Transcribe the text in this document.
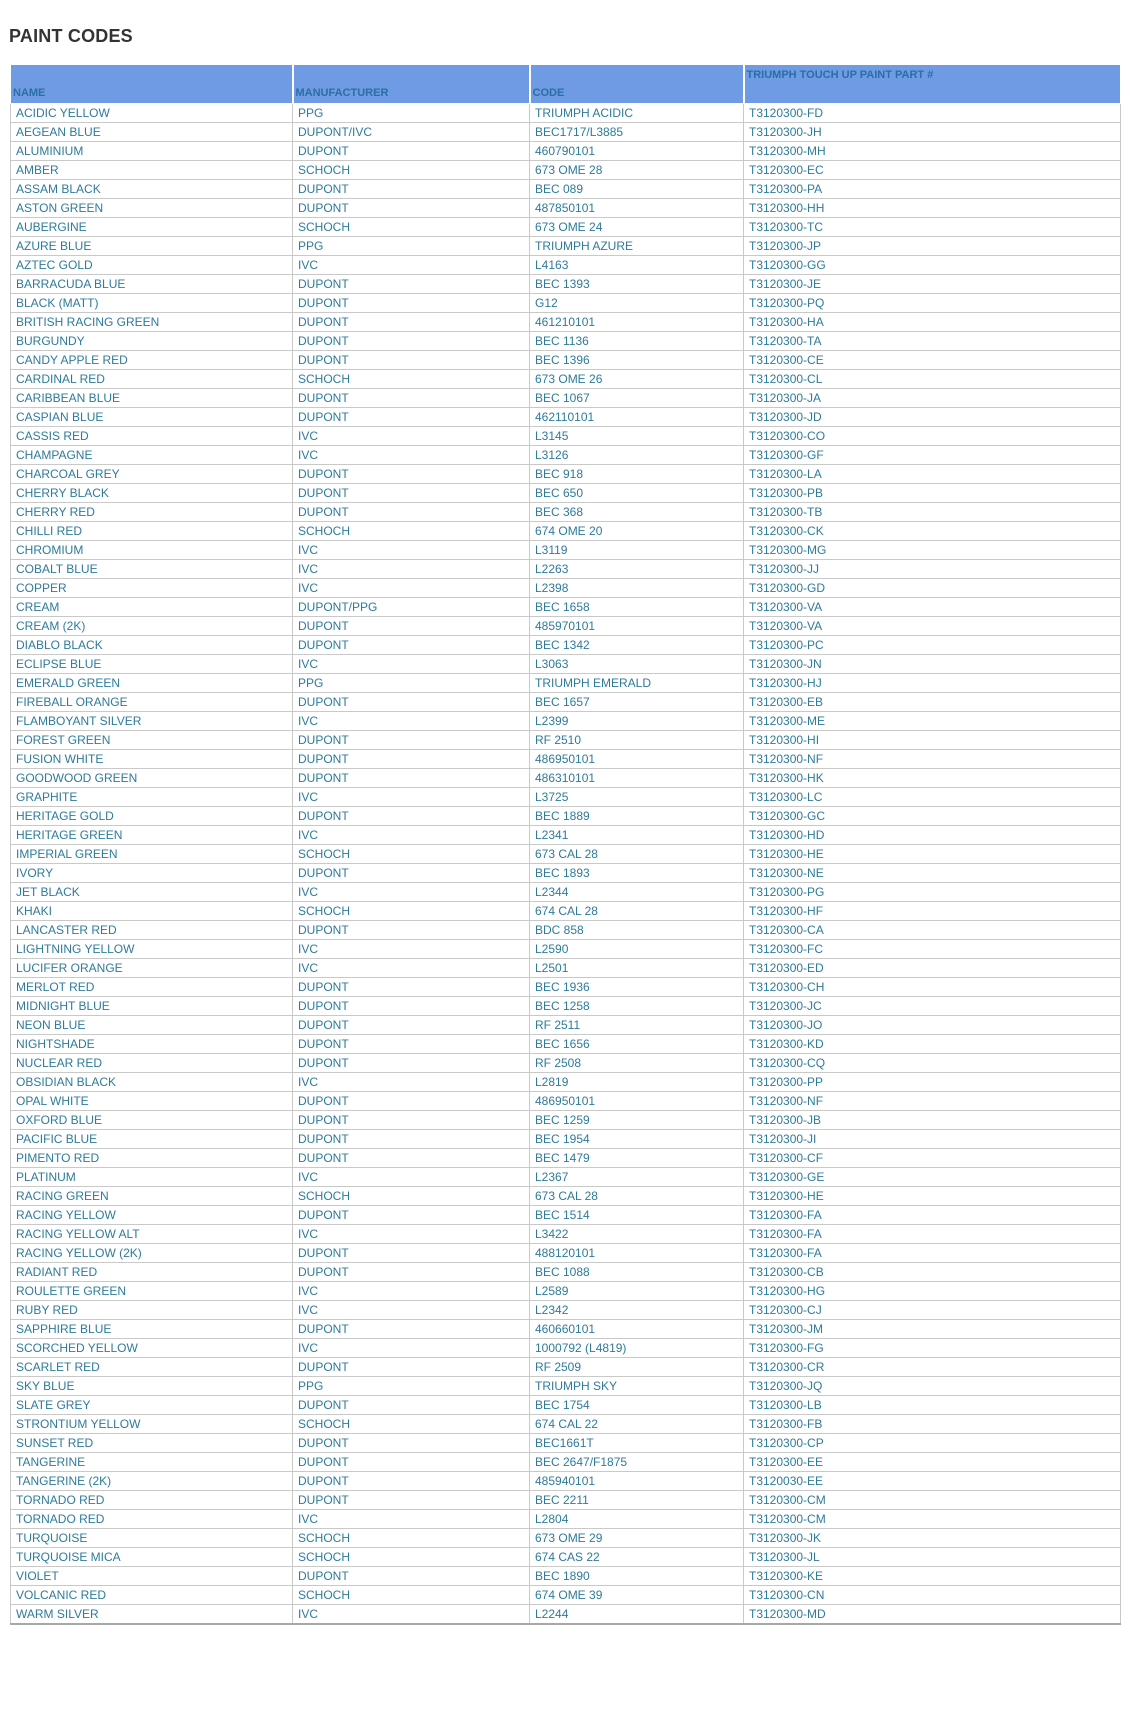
PAINT CODES
NAME	MANUFACTURER	CODE	TRIUMPH TOUCH UP PAINT PART #
ACIDIC YELLOW	PPG	TRIUMPH ACIDIC	T3120300-FD
AEGEAN BLUE	DUPONT/IVC	BEC1717/L3885	T3120300-JH
ALUMINIUM	DUPONT	460790101	T3120300-MH
AMBER	SCHOCH	673 OME 28	T3120300-EC
ASSAM BLACK	DUPONT	BEC 089	T3120300-PA
ASTON GREEN	DUPONT	487850101	T3120300-HH
AUBERGINE	SCHOCH	673 OME 24	T3120300-TC
AZURE BLUE	PPG	TRIUMPH AZURE	T3120300-JP
AZTEC GOLD	IVC	L4163	T3120300-GG
BARRACUDA BLUE	DUPONT	BEC 1393	T3120300-JE
BLACK (MATT)	DUPONT	G12	T3120300-PQ
BRITISH RACING GREEN	DUPONT	461210101	T3120300-HA
BURGUNDY	DUPONT	BEC 1136	T3120300-TA
CANDY APPLE RED	DUPONT	BEC 1396	T3120300-CE
CARDINAL RED	SCHOCH	673 OME 26	T3120300-CL
CARIBBEAN BLUE	DUPONT	BEC 1067	T3120300-JA
CASPIAN BLUE	DUPONT	462110101	T3120300-JD
CASSIS RED	IVC	L3145	T3120300-CO
CHAMPAGNE	IVC	L3126	T3120300-GF
CHARCOAL GREY	DUPONT	BEC 918	T3120300-LA
CHERRY BLACK	DUPONT	BEC 650	T3120300-PB
CHERRY RED	DUPONT	BEC 368	T3120300-TB
CHILLI RED	SCHOCH	674 OME 20	T3120300-CK
CHROMIUM	IVC	L3119	T3120300-MG
COBALT BLUE	IVC	L2263	T3120300-JJ
COPPER	IVC	L2398	T3120300-GD
CREAM	DUPONT/PPG	BEC 1658	T3120300-VA
CREAM (2K)	DUPONT	485970101	T3120300-VA
DIABLO BLACK	DUPONT	BEC 1342	T3120300-PC
ECLIPSE BLUE	IVC	L3063	T3120300-JN
EMERALD GREEN	PPG	TRIUMPH EMERALD	T3120300-HJ
FIREBALL ORANGE	DUPONT	BEC 1657	T3120300-EB
FLAMBOYANT SILVER	IVC	L2399	T3120300-ME
FOREST GREEN	DUPONT	RF 2510	T3120300-HI
FUSION WHITE	DUPONT	486950101	T3120300-NF
GOODWOOD GREEN	DUPONT	486310101	T3120300-HK
GRAPHITE	IVC	L3725	T3120300-LC
HERITAGE GOLD	DUPONT	BEC 1889	T3120300-GC
HERITAGE GREEN	IVC	L2341	T3120300-HD
IMPERIAL GREEN	SCHOCH	673 CAL 28	T3120300-HE
IVORY	DUPONT	BEC 1893	T3120300-NE
JET BLACK	IVC	L2344	T3120300-PG
KHAKI	SCHOCH	674 CAL 28	T3120300-HF
LANCASTER RED	DUPONT	BDC 858	T3120300-CA
LIGHTNING YELLOW	IVC	L2590	T3120300-FC
LUCIFER ORANGE	IVC	L2501	T3120300-ED
MERLOT RED	DUPONT	BEC 1936	T3120300-CH
MIDNIGHT BLUE	DUPONT	BEC 1258	T3120300-JC
NEON BLUE	DUPONT	RF 2511	T3120300-JO
NIGHTSHADE	DUPONT	BEC 1656	T3120300-KD
NUCLEAR RED	DUPONT	RF 2508	T3120300-CQ
OBSIDIAN BLACK	IVC	L2819	T3120300-PP
OPAL WHITE	DUPONT	486950101	T3120300-NF
OXFORD BLUE	DUPONT	BEC 1259	T3120300-JB
PACIFIC BLUE	DUPONT	BEC 1954	T3120300-JI
PIMENTO RED	DUPONT	BEC 1479	T3120300-CF
PLATINUM	IVC	L2367	T3120300-GE
RACING GREEN	SCHOCH	673 CAL 28	T3120300-HE
RACING YELLOW	DUPONT	BEC 1514	T3120300-FA
RACING YELLOW ALT	IVC	L3422	T3120300-FA
RACING YELLOW (2K)	DUPONT	488120101	T3120300-FA
RADIANT RED	DUPONT	BEC 1088	T3120300-CB
ROULETTE GREEN	IVC	L2589	T3120300-HG
RUBY RED	IVC	L2342	T3120300-CJ
SAPPHIRE BLUE	DUPONT	460660101	T3120300-JM
SCORCHED YELLOW	IVC	1000792 (L4819)	T3120300-FG
SCARLET RED	DUPONT	RF 2509	T3120300-CR
SKY BLUE	PPG	TRIUMPH SKY	T3120300-JQ
SLATE GREY	DUPONT	BEC 1754	T3120300-LB
STRONTIUM YELLOW	SCHOCH	674 CAL 22	T3120300-FB
SUNSET RED	DUPONT	BEC1661T	T3120300-CP
TANGERINE	DUPONT	BEC 2647/F1875	T3120300-EE
TANGERINE (2K)	DUPONT	485940101	T3120030-EE
TORNADO RED	DUPONT	BEC 2211	T3120300-CM
TORNADO RED	IVC	L2804	T3120300-CM
TURQUOISE	SCHOCH	673 OME 29	T3120300-JK
TURQUOISE MICA	SCHOCH	674 CAS 22	T3120300-JL
VIOLET	DUPONT	BEC 1890	T3120300-KE
VOLCANIC RED	SCHOCH	674 OME 39	T3120300-CN
WARM SILVER	IVC	L2244	T3120300-MD
